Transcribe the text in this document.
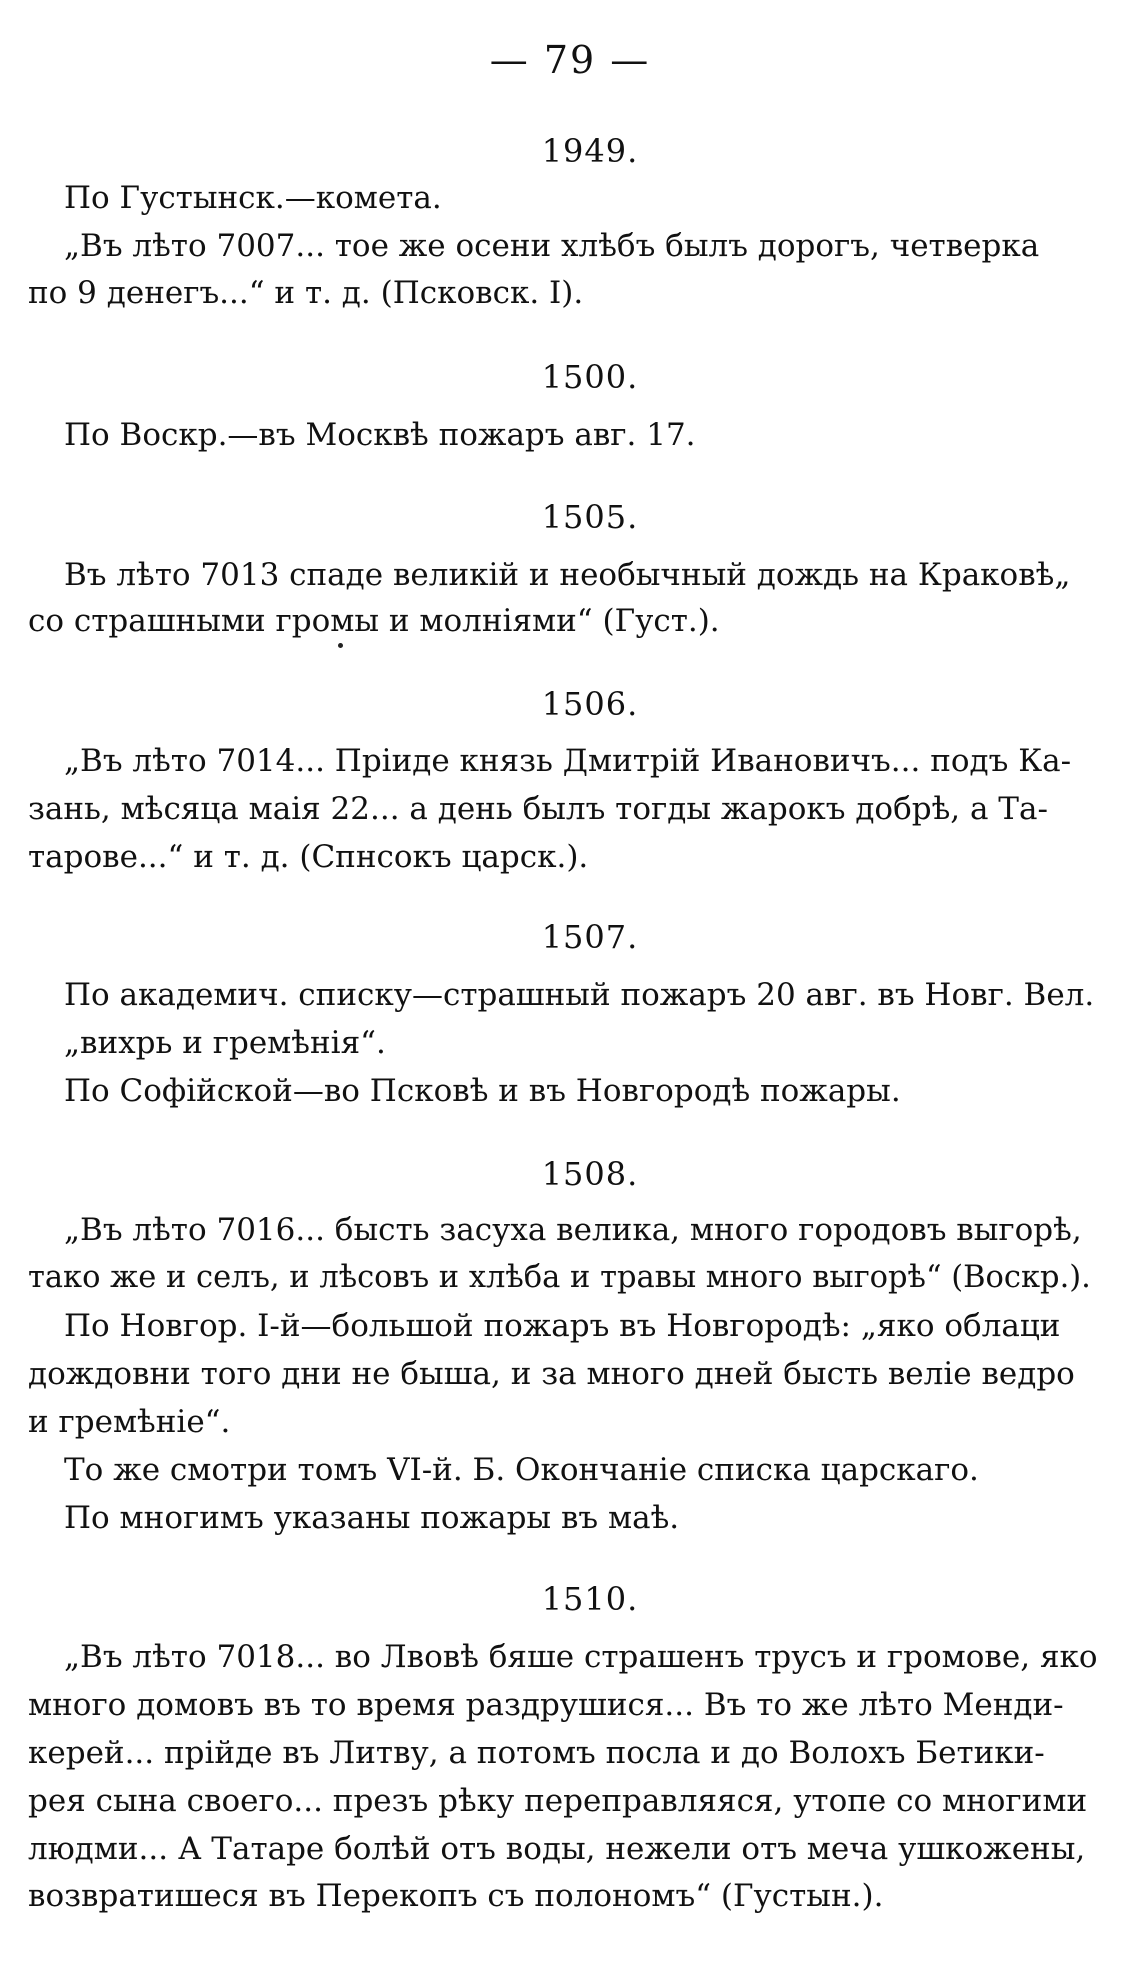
— 79 —
1949.
По Густынск.—комета.
„Въ лѣто 7007... тое же осени хлѣбъ былъ дорогъ, четверка
по 9 денегъ...“ и т. д. (Псковск. I).
1500.
По Воскр.—въ Москвѣ пожаръ авг. 17.
1505.
Въ лѣто 7013 спаде великій и необычный дождь на Краковѣ„
со страшными громы и молніями“ (Густ.).
1506.
„Въ лѣто 7014... Пріиде князь Дмитрій Ивановичъ... подъ Ка-
зань, мѣсяца маія 22... а день былъ тогды жарокъ добрѣ, а Та-
тарове...“ и т. д. (Спнсокъ царск.).
1507.
По академич. списку—страшный пожаръ 20 авг. въ Новг. Вел.
„вихрь и гремѣнія“.
По Софійской—во Псковѣ и въ Новгородѣ пожары.
1508.
„Въ лѣто 7016... бысть засуха велика, много городовъ выгорѣ,
тако же и селъ, и лѣсовъ и хлѣба и травы много выгорѣ“ (Воскр.).
По Новгор. І-й—большой пожаръ въ Новгородѣ: „яко облаци
дождовни того дни не быша, и за много дней бысть веліе ведро
и гремѣніе“.
То же смотри томъ VI-й. Б. Окончаніе списка царскаго.
По многимъ указаны пожары въ маѣ.
1510.
„Въ лѣто 7018... во Лвовѣ бяше страшенъ трусъ и громове, яко
много домовъ въ то время раздрушися... Въ то же лѣто Менди-
керей... прійде въ Литву, а потомъ посла и до Волохъ Бетики-
рея сына своего... презъ рѣку переправляяся, утопе со многими
людми... А Татаре болѣй отъ воды, нежели отъ меча ушкожены,
возвратишеся въ Перекопъ съ полономъ“ (Густын.).
